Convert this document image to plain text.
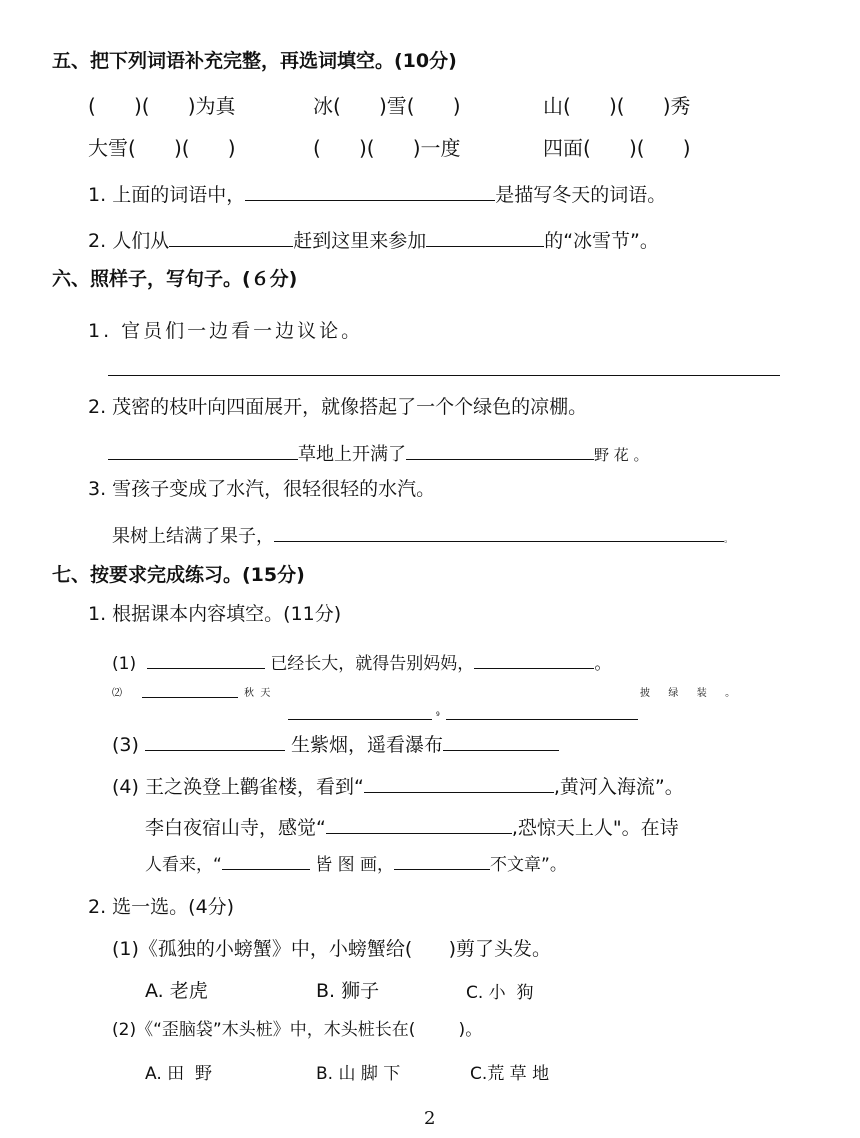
五、把下列词语补充完整，再选词填空。(10分)
(      )(      )为真	冰(      )雪(      )	山(      )(      )秀
大雪(      )(      )	(      )(      )一度	四面(      )(      )
1. 上面的词语中，	是描写冬天的词语。
2. 人们从	赶到这里来参加	的“冰雪节”。
六、照样子，写句子。(６分)
1. 官员们一边看一边议论。
2. 茂密的枝叶向四面展开，就像搭起了一个个绿色的凉棚。
草地上开满了	野 花 。
3. 雪孩子变成了水汽，很轻很轻的水汽。
果树上结满了果子，	。
七、按要求完成练习。(15分)
1. 根据课本内容填空。(11分)
(1)	已经长大，就得告别妈妈，	。
⑵	秋  天	披  绿  装  。
9
(3)	生紫烟，遥看瀑布
(4) 王之涣登上鹳雀楼，看到“	,黄河入海流”。
李白夜宿山寺，感觉“	,恐惊天上人"。在诗
人看来，“	皆 图 画，	不文章”。
2. 选一选。(4分)
(1)《孤独的小螃蟹》中，小螃蟹给(      )剪了头发。
A. 老虎	B. 狮子	C. 小  狗
(2)《“歪脑袋”木头桩》中，木头桩长在(        )。
A. 田  野	B. 山 脚 下	C.荒 草 地
2
